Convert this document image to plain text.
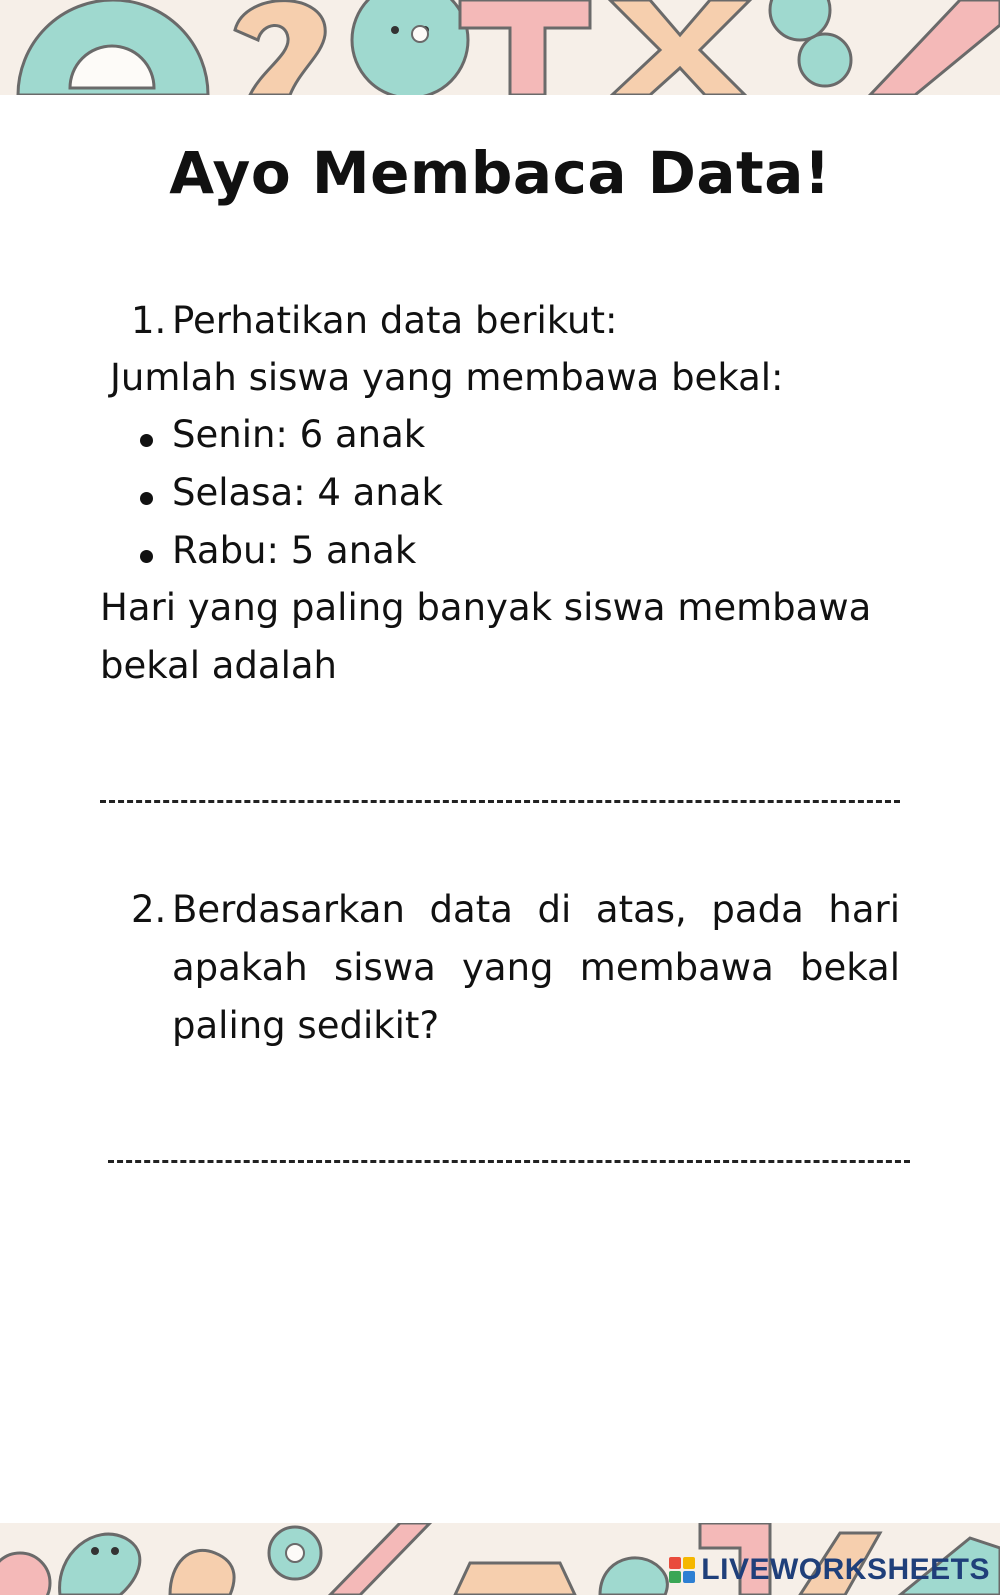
Ayo Membaca Data!
1. Perhatikan data berikut:
Jumlah siswa yang membawa bekal:
Senin: 6 anak
Selasa: 4 anak
Rabu: 5 anak
Hari yang paling banyak siswa membawa
bekal adalah
2. Berdasarkan data di atas, pada hari
apakah siswa yang membawa bekal
paling sedikit?
LIVEWORKSHEETS
